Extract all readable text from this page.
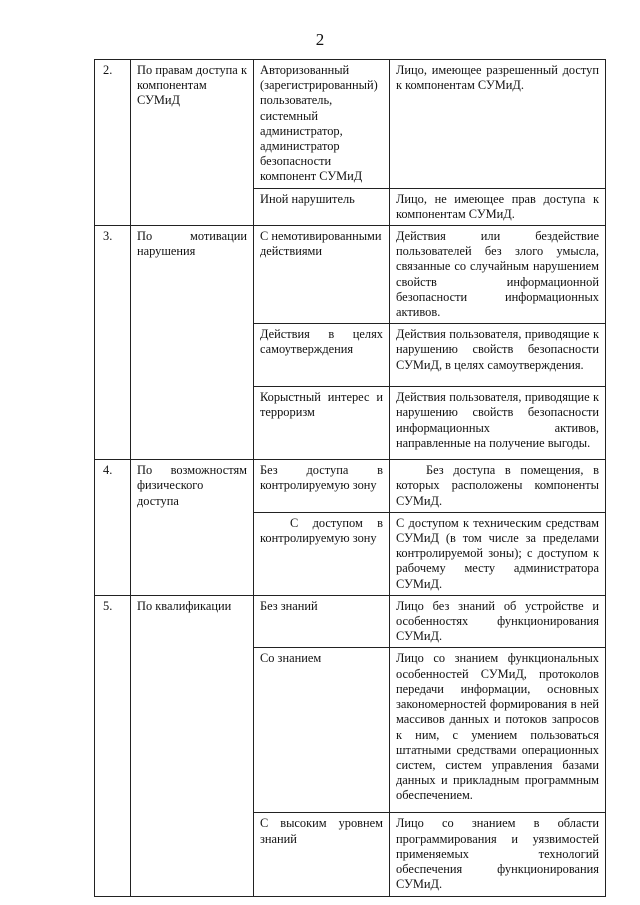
2
2.	По правам доступа к компонентам СУМиД	Авторизованный (зарегистрированный) пользователь, системный администратор, администратор безопасности компонент СУМиД	Лицо, имеющее разрешенный доступ к компонентам СУМиД.
		Иной нарушитель	Лицо, не имеющее прав доступа к компонентам СУМиД.
3.	По мотивации нарушения	С немотивированными действиями	Действия или бездействие пользователей без злого умысла, связанные со случайным нарушением свойств информационной безопасности информационных активов.
		Действия в целях самоутверждения	Действия пользователя, приводящие к нарушению свойств безопасности СУМиД, в целях самоутверждения.
		Корыстный интерес и терроризм	Действия пользователя, приводящие к нарушению свойств безопасности информационных активов, направленные на получение выгоды.
4.	По возможностям физического доступа	Без доступа в контролируемую зону	Без доступа в помещения, в которых расположены компоненты СУМиД.
		С доступом в контролируемую зону	С доступом к техническим средствам СУМиД (в том числе за пределами контролируемой зоны); с доступом к рабочему месту администратора СУМиД.
5.	По квалификации	Без знаний	Лицо без знаний об устройстве и особенностях функционирования СУМиД.
		Со знанием	Лицо со знанием функциональных особенностей СУМиД, протоколов передачи информации, основных закономерностей формирования в ней массивов данных и потоков запросов к ним, с умением пользоваться штатными средствами операционных систем, систем управления базами данных и прикладным программным обеспечением.
		С высоким уровнем знаний	Лицо со знанием в области программирования и уязвимостей применяемых технологий обеспечения функционирования СУМиД.
